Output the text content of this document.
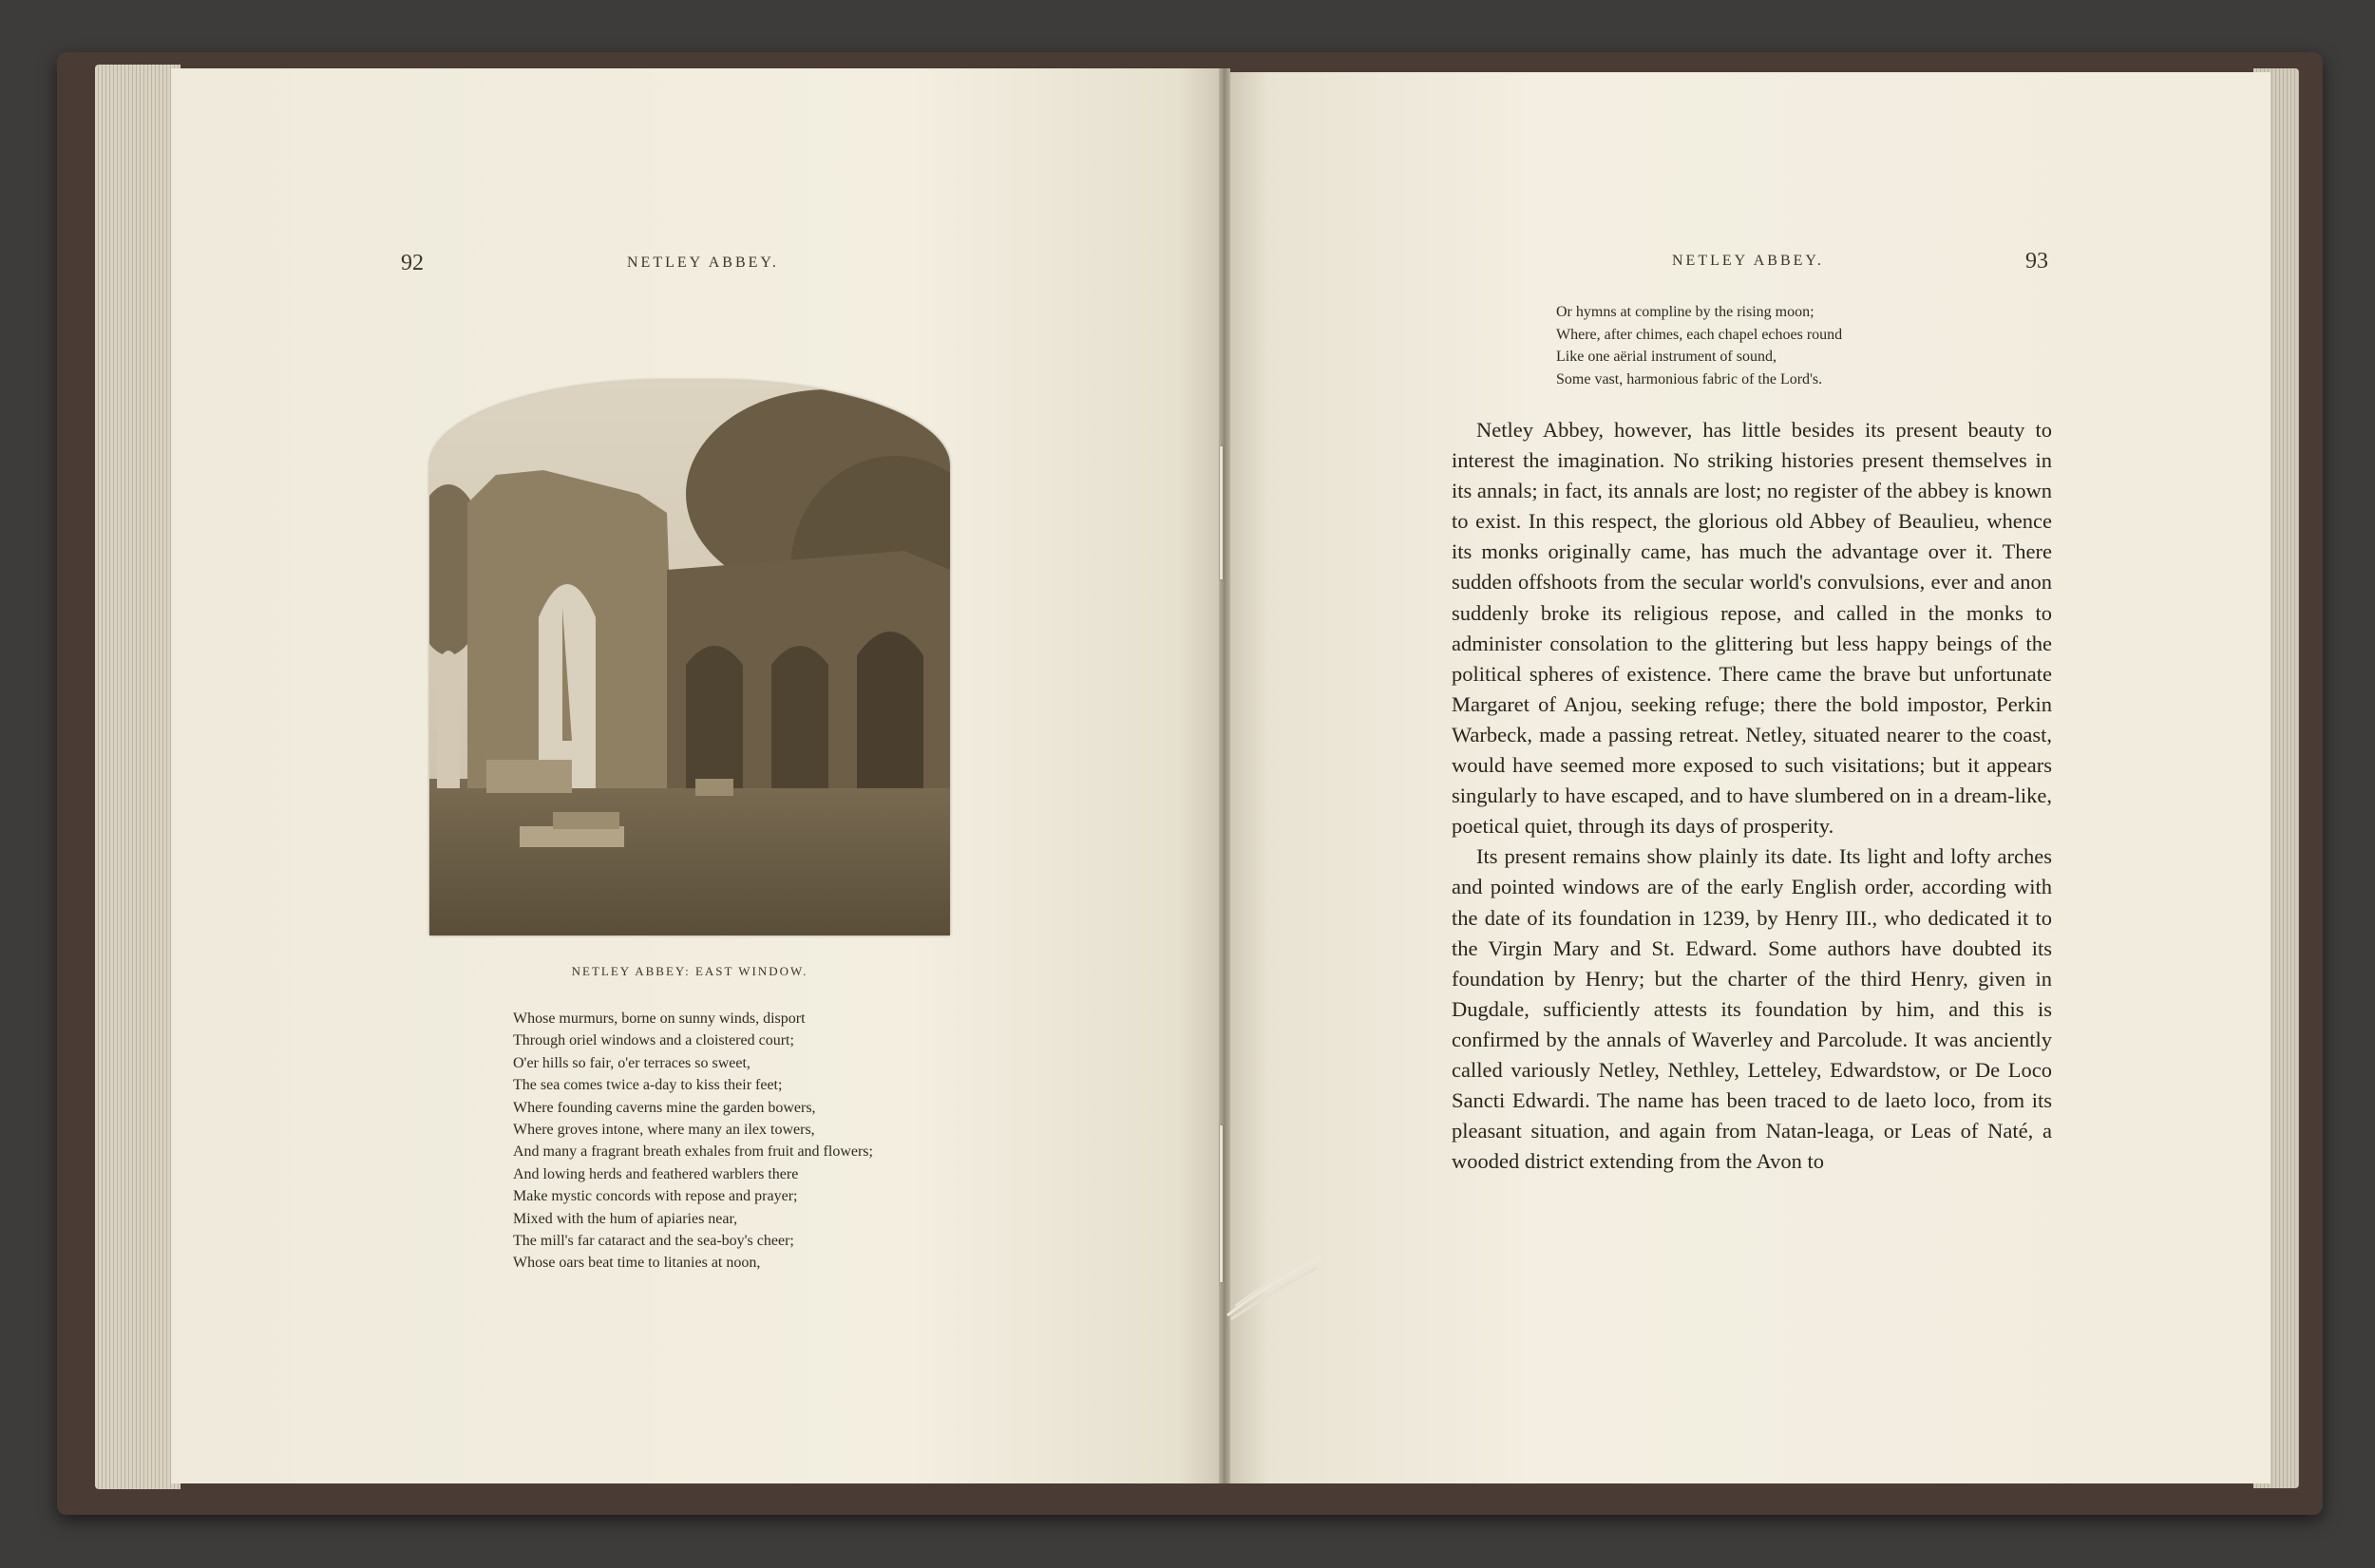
92	NETLEY ABBEY.
NETLEY ABBEY: EAST WINDOW.
Whose murmurs, borne on sunny winds, disport
Through oriel windows and a cloistered court;
O'er hills so fair, o'er terraces so sweet,
The sea comes twice a-day to kiss their feet;
Where founding caverns mine the garden bowers,
Where groves intone, where many an ilex towers,
And many a fragrant breath exhales from fruit and flowers;
And lowing herds and feathered warblers there
Make mystic concords with repose and prayer;
Mixed with the hum of apiaries near,
The mill's far cataract and the sea-boy's cheer;
Whose oars beat time to litanies at noon,
NETLEY ABBEY.	93
Or hymns at compline by the rising moon;
Where, after chimes, each chapel echoes round
Like one aërial instrument of sound,
Some vast, harmonious fabric of the Lord's.

Netley Abbey, however, has little besides its present beauty to interest the imagination. No striking histories present themselves in its annals; in fact, its annals are lost; no register of the abbey is known to exist. In this respect, the glorious old Abbey of Beaulieu, whence its monks originally came, has much the advantage over it. There sudden offshoots from the secular world's convulsions, ever and anon suddenly broke its religious repose, and called in the monks to administer consolation to the glittering but less happy beings of the political spheres of existence. There came the brave but unfortunate Margaret of Anjou, seeking refuge; there the bold impostor, Perkin Warbeck, made a passing retreat. Netley, situated nearer to the coast, would have seemed more exposed to such visitations; but it appears singularly to have escaped, and to have slumbered on in a dream-like, poetical quiet, through its days of prosperity.

Its present remains show plainly its date. Its light and lofty arches and pointed windows are of the early English order, according with the date of its foundation in 1239, by Henry III., who dedicated it to the Virgin Mary and St. Edward. Some authors have doubted its foundation by Henry; but the charter of the third Henry, given in Dugdale, sufficiently attests its foundation by him, and this is confirmed by the annals of Waverley and Parcolude. It was anciently called variously Netley, Nethley, Letteley, Edwardstow, or De Loco Sancti Edwardi. The name has been traced to de laeto loco, from its pleasant situation, and again from Natan-leaga, or Leas of Naté, a wooded district extending from the Avon to
